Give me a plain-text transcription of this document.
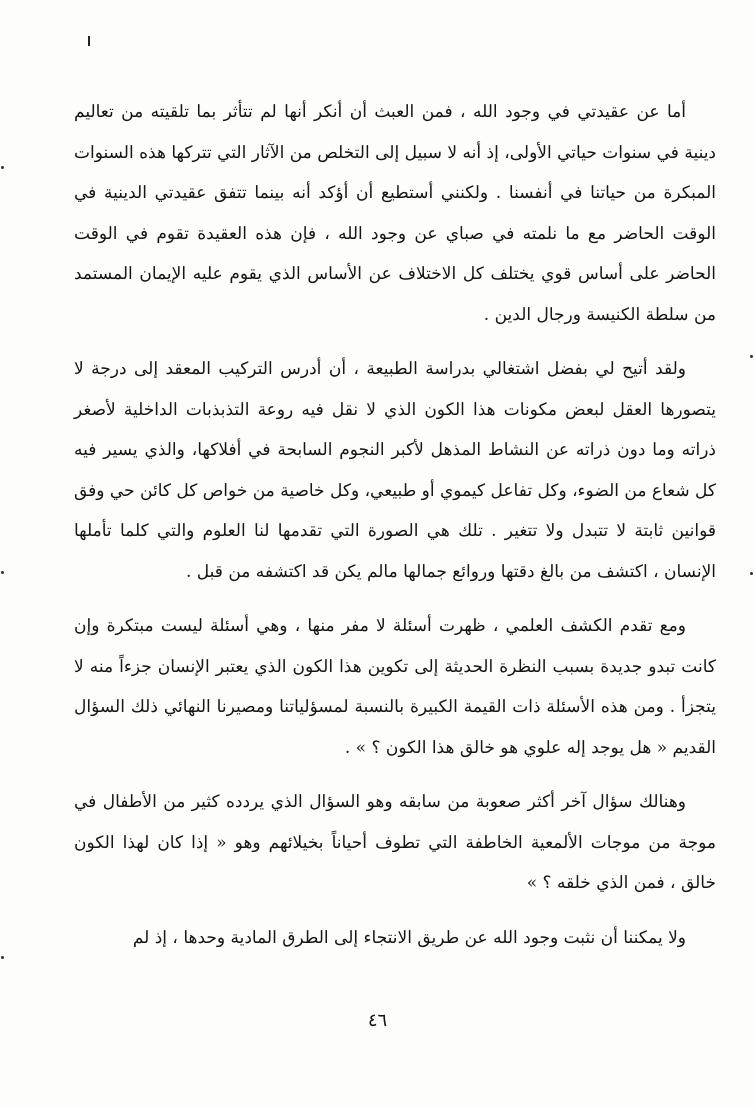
أما عن عقيدتي في وجود الله ، فمن العبث أن أنكر أنها لم تتأثر بما تلقيته من تعاليم دينية في سنوات حياتي الأولى، إذ أنه لا سبيل إلى التخلص من الآثار التي تتركها هذه السنوات المبكرة من حياتنا في أنفسنا . ولكنني أستطيع أن أؤكد أنه بينما تتفق عقيدتي الدينية في الوقت الحاضر مع ما نلمته في صباي عن وجود الله ، فإن هذه العقيدة تقوم في الوقت الحاضر على أساس قوي يختلف كل الاختلاف عن الأساس الذي يقوم عليه الإيمان المستمد من سلطة الكنيسة ورجال الدين .

ولقد أتيح لي بفضل اشتغالي بدراسة الطبيعة ، أن أدرس التركيب المعقد إلى درجة لا يتصورها العقل لبعض مكونات هذا الكون الذي لا نقل فيه روعة التذبذبات الداخلية لأصغر ذراته وما دون ذراته عن النشاط المذهل لأكبر النجوم السابحة في أفلاكها، والذي يسير فيه كل شعاع من الضوء، وكل تفاعل كيموي أو طبيعي، وكل خاصية من خواص كل كائن حي وفق قوانين ثابتة لا تتبدل ولا تتغير . تلك هي الصورة التي تقدمها لنا العلوم والتي كلما تأملها الإنسان ، اكتشف من بالغ دقتها وروائع جمالها مالم يكن قد اكتشفه من قبل .

ومع تقدم الكشف العلمي ، ظهرت أسئلة لا مفر منها ، وهي أسئلة ليست مبتكرة وإن كانت تبدو جديدة بسبب النظرة الحديثة إلى تكوين هذا الكون الذي يعتبر الإنسان جزءاً منه لا يتجزأ . ومن هذه الأسئلة ذات القيمة الكبيرة بالنسبة لمسؤلياتنا ومصيرنا النهائي ذلك السؤال القديم « هل يوجد إله علوي هو خالق هذا الكون ؟ » .

وهنالك سؤال آخر أكثر صعوبة من سابقه وهو السؤال الذي يردده كثير من الأطفال في موجة من موجات الألمعية الخاطفة التي تطوف أحياناً بخيلائهم وهو « إذا كان لهذا الكون خالق ، فمن الذي خلقه ؟ »

ولا يمكننا أن نثبت وجود الله عن طريق الانتجاء إلى الطرق المادية وحدها ، إذ لم

٤٦
